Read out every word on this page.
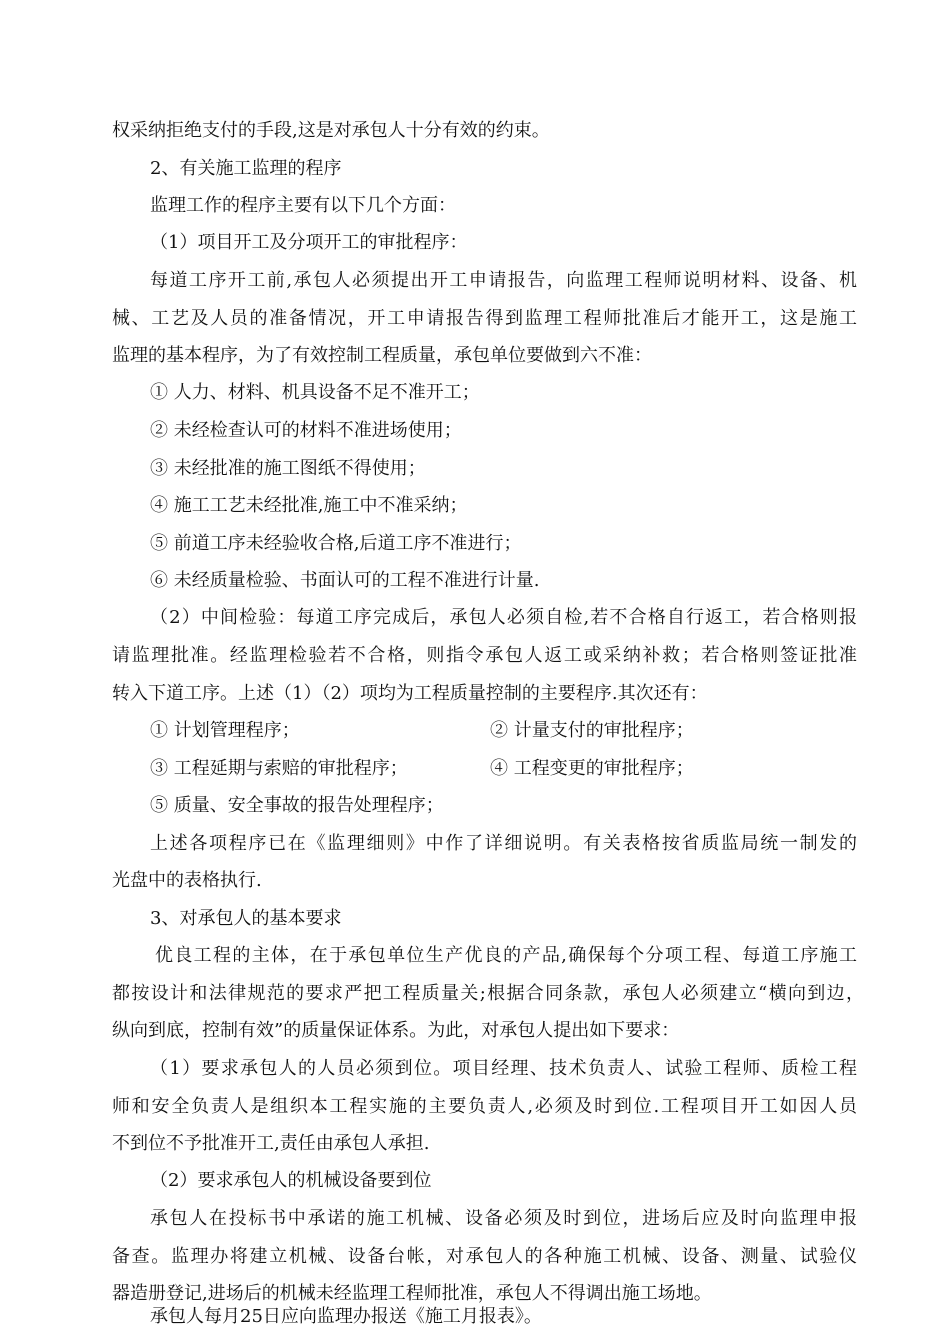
权采纳拒绝支付的手段,这是对承包人十分有效的约束。
2、有关施工监理的程序
监理工作的程序主要有以下几个方面：
（1）项目开工及分项开工的审批程序：
每道工序开工前,承包人必须提出开工申请报告，向监理工程师说明材料、设备、机
械、工艺及人员的准备情况，开工申请报告得到监理工程师批准后才能开工，这是施工
监理的基本程序，为了有效控制工程质量，承包单位要做到六不准：
① 人力、材料、机具设备不足不准开工；
② 未经检查认可的材料不准进场使用；
③ 未经批准的施工图纸不得使用；
④ 施工工艺未经批准,施工中不准采纳；
⑤ 前道工序未经验收合格,后道工序不准进行；
⑥ 未经质量检验、书面认可的工程不准进行计量.
（2）中间检验：每道工序完成后，承包人必须自检,若不合格自行返工，若合格则报
请监理批准。经监理检验若不合格，则指令承包人返工或采纳补救；若合格则签证批准
转入下道工序。上述（1）（2）项均为工程质量控制的主要程序.其次还有：
① 计划管理程序；	② 计量支付的审批程序；
③ 工程延期与索赔的审批程序；	④ 工程变更的审批程序；
⑤ 质量、安全事故的报告处理程序；
上述各项程序已在《监理细则》中作了详细说明。有关表格按省质监局统一制发的
光盘中的表格执行.
3、对承包人的基本要求
优良工程的主体，在于承包单位生产优良的产品,确保每个分项工程、每道工序施工
都按设计和法律规范的要求严把工程质量关;根据合同条款，承包人必须建立“横向到边，
纵向到底，控制有效”的质量保证体系。为此，对承包人提出如下要求：
（1）要求承包人的人员必须到位。项目经理、技术负责人、试验工程师、质检工程
师和安全负责人是组织本工程实施的主要负责人,必须及时到位.工程项目开工如因人员
不到位不予批准开工,责任由承包人承担.
（2）要求承包人的机械设备要到位
承包人在投标书中承诺的施工机械、设备必须及时到位，进场后应及时向监理申报
备查。监理办将建立机械、设备台帐，对承包人的各种施工机械、设备、测量、试验仪
器造册登记,进场后的机械未经监理工程师批准，承包人不得调出施工场地。
承包人每月25日应向监理办报送《施工月报表》。
